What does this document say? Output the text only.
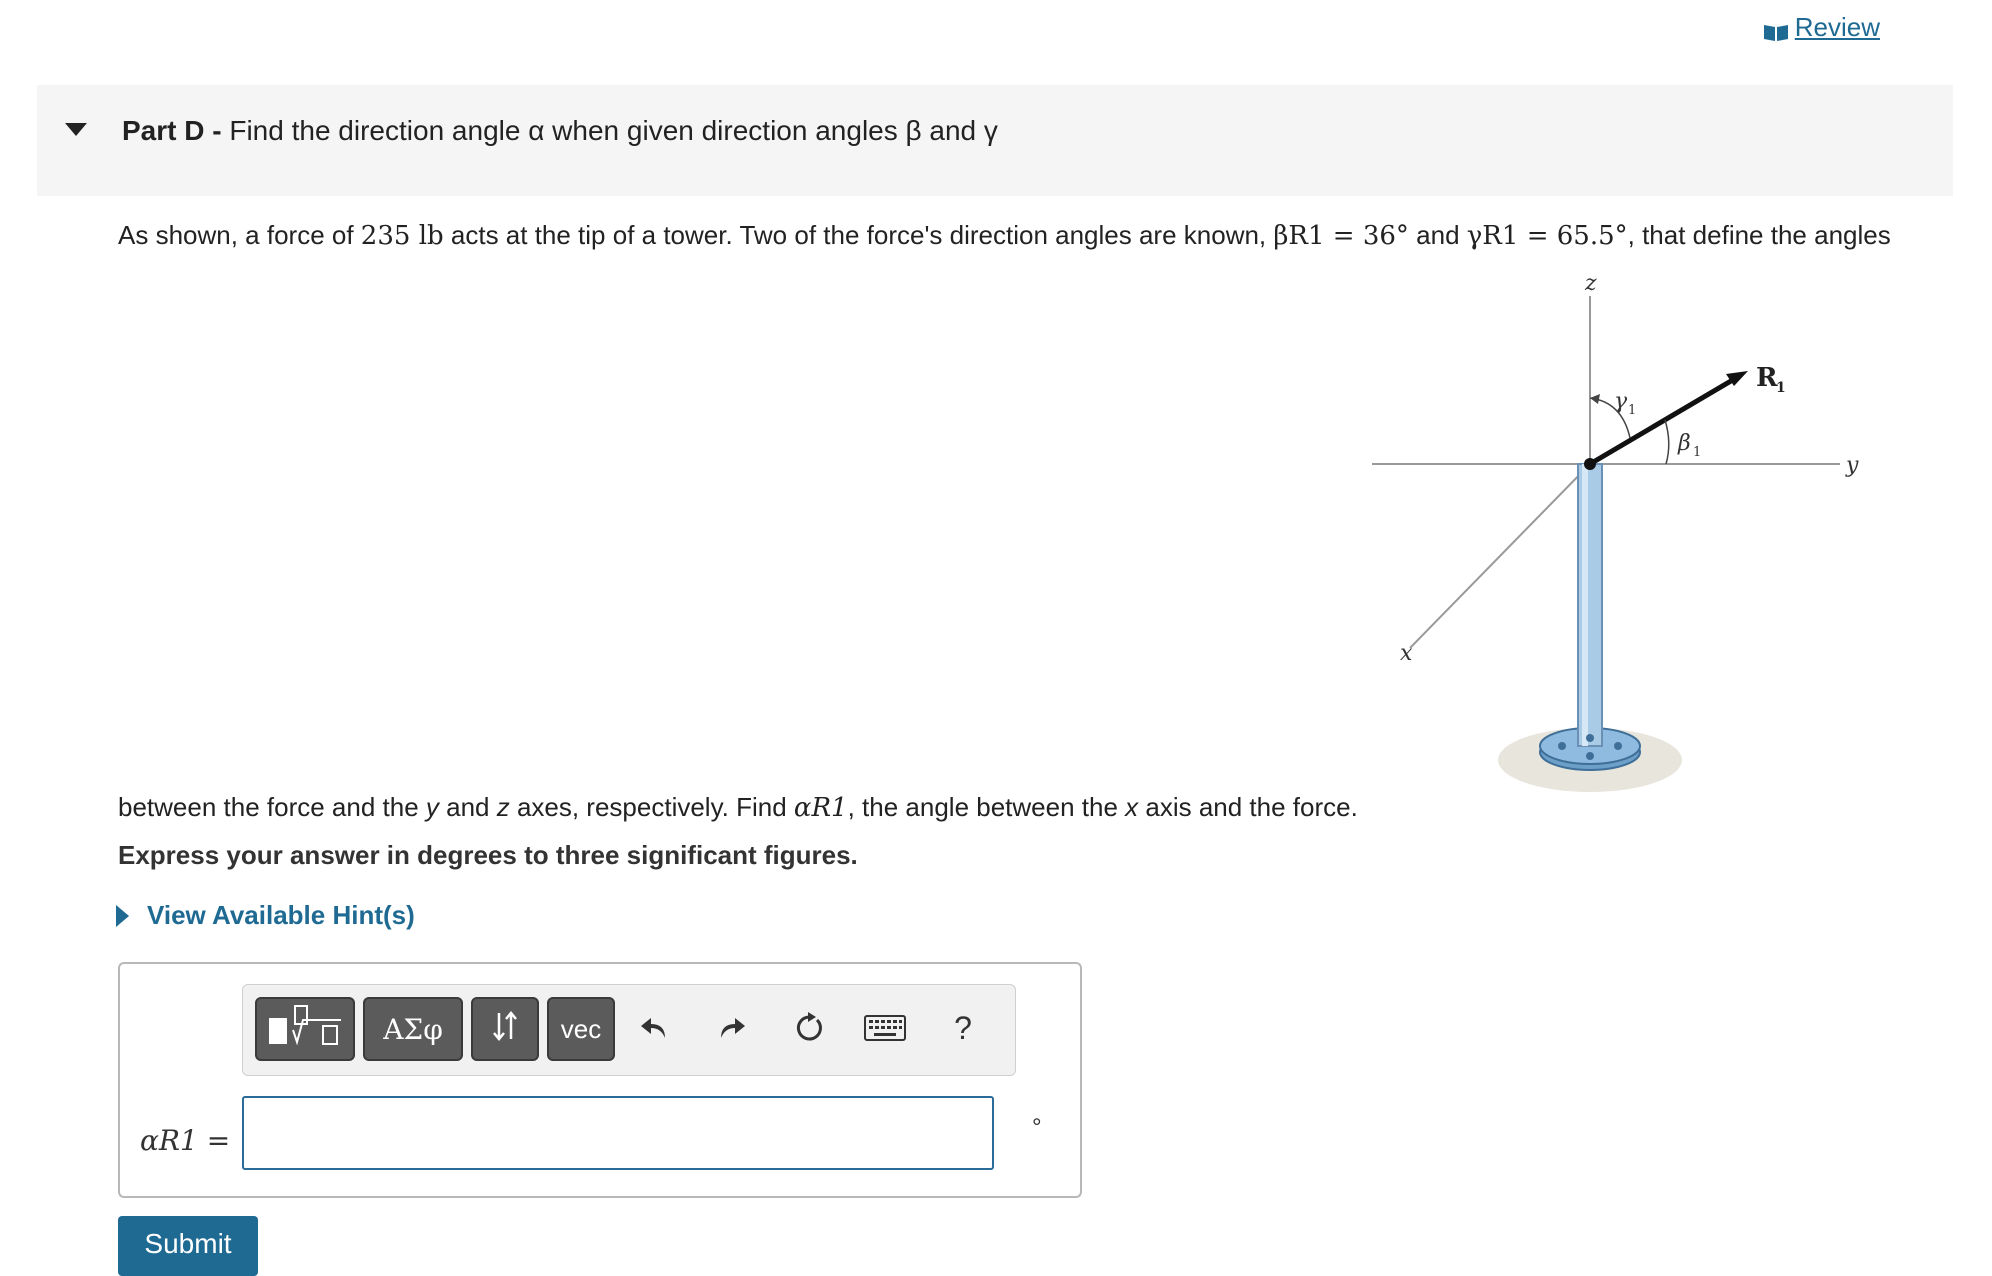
Review
Part D - Find the direction angle α when given direction angles β and γ
As shown, a force of 235 lb acts at the tip of a tower. Two of the force's direction angles are known, βR1 = 36° and γR1 = 65.5°, that define the angles
z
y
x
R
1
γ 1
β 1
between the force and the y and z axes, respectively. Find αR1, the angle between the x axis and the force.
Express your answer in degrees to three significant figures.
View Available Hint(s)
ΑΣφ	vec	?
αR1 =	°
Submit
